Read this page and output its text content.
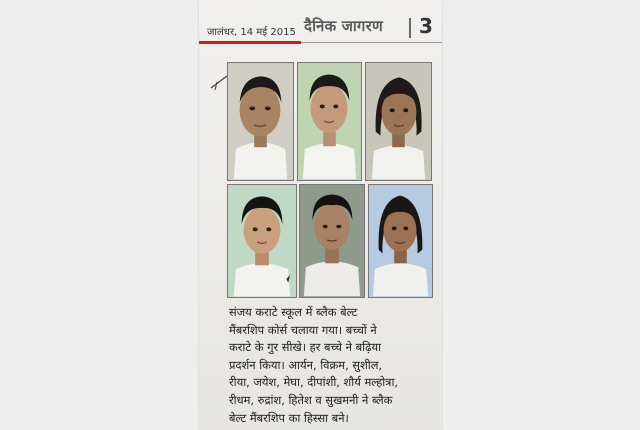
जालंधर, 14 मई 2015 दैनिक जागरण 3
संजय कराटे स्कूल में ब्लैक बेल्ट
मैंबरशिप कोर्स चलाया गया। बच्चों ने
कराटे के गुर सीखे। हर बच्चे ने बढ़िया
प्रदर्शन किया। आर्यन, विक्रम, सुशील,
रीया, जयेश, मेघा, दीपांशी, शौर्य मल्होत्रा,
रीधम, रुद्रांश, हितेश व सुखमनी ने ब्लैक
बेल्ट मैंबरशिप का हिस्सा बने।
